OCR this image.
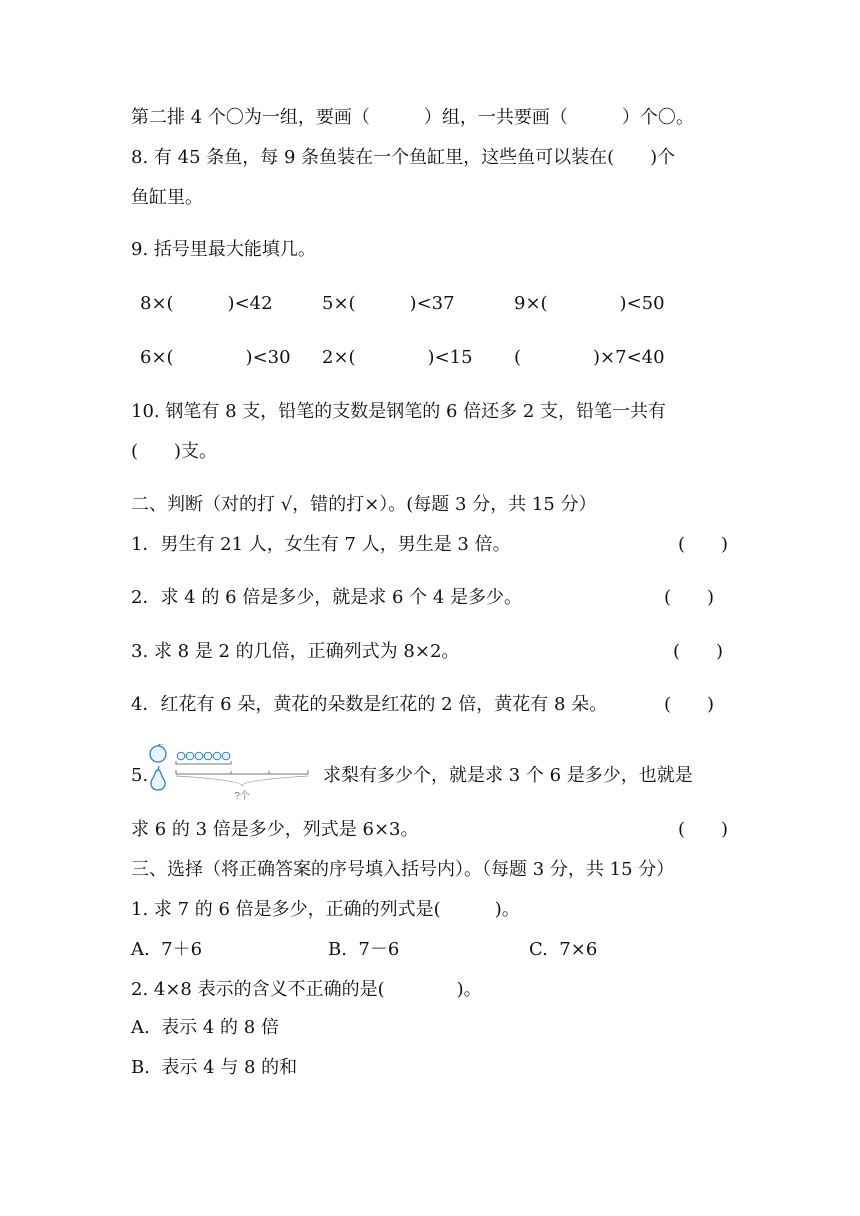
第二排 4 个〇为一组，要画（　　　）组，一共要画（　　　）个〇。
8. 有 45 条鱼，每 9 条鱼装在一个鱼缸里，这些鱼可以装在(　　)个
鱼缸里。
9. 括号里最大能填几。
8×(　　　)<42	5×(　　　)<37	9×(　　　　)<50
6×(　　　　)<30 2×(　　　　)<15 (　　　　)×7<40
10. 钢笔有 8 支，铅笔的支数是钢笔的 6 倍还多 2 支，铅笔一共有
(　　)支。
二、判断（对的打 √，错的打×）。(每题 3 分，共 15 分）
1．男生有 21 人，女生有 7 人，男生是 3 倍。	(　　)
2．求 4 的 6 倍是多少，就是求 6 个 4 是多少。	(　　)
3. 求 8 是 2 的几倍，正确列式为 8×2。	(　　)
4．红花有 6 朵，黄花的朵数是红花的 2 倍，黄花有 8 朵。	(　　)
5.
?个
求梨有多少个，就是求 3 个 6 是多少，也就是
求 6 的 3 倍是多少，列式是 6×3。	(　　)
三、选择（将正确答案的序号填入括号内）。（每题 3 分，共 15 分）
1. 求 7 的 6 倍是多少，正确的列式是(　　　)。
A.  7＋6	B.  7－6	C.  7×6
2. 4×8 表示的含义不正确的是(　　　　)。
A.  表示 4 的 8 倍
B.  表示 4 与 8 的和
